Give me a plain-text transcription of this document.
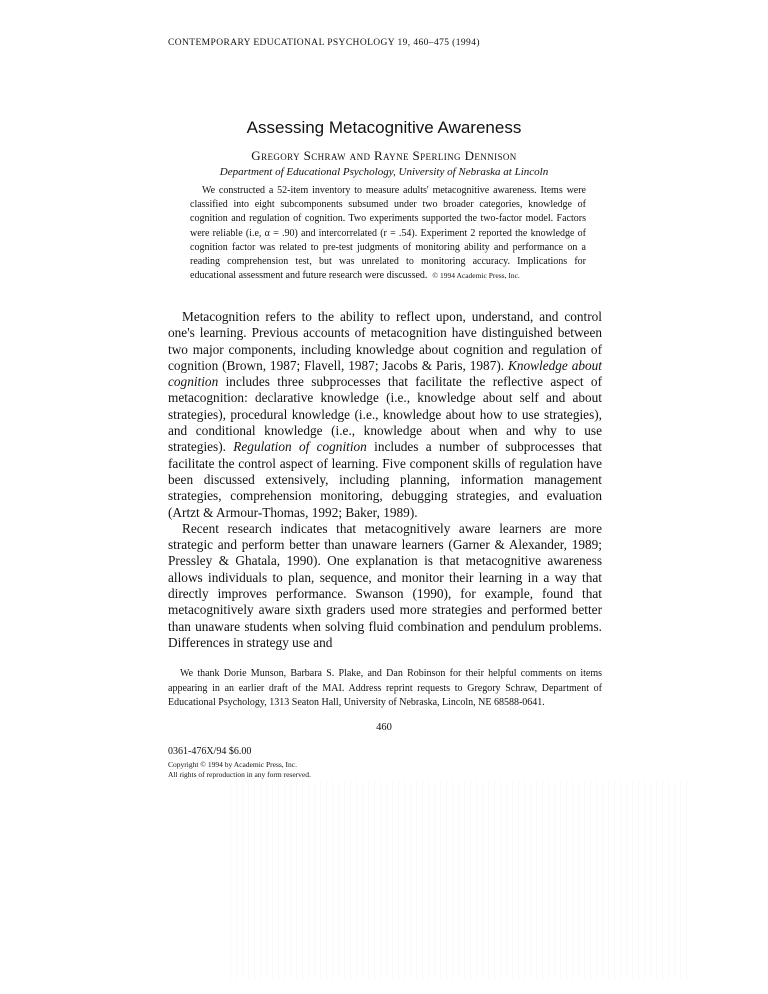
CONTEMPORARY EDUCATIONAL PSYCHOLOGY 19, 460–475 (1994)
Assessing Metacognitive Awareness
Gregory Schraw and Rayne Sperling Dennison
Department of Educational Psychology, University of Nebraska at Lincoln

We constructed a 52-item inventory to measure adults' metacognitive awareness. Items were classified into eight subcomponents subsumed under two broader categories, knowledge of cognition and regulation of cognition. Two experiments supported the two-factor model. Factors were reliable (i.e, α = .90) and intercorrelated (r = .54). Experiment 2 reported the knowledge of cognition factor was related to pre-test judgments of monitoring ability and performance on a reading comprehension test, but was unrelated to monitoring accuracy. Implications for educational assessment and future research were discussed. © 1994 Academic Press, Inc.

Metacognition refers to the ability to reflect upon, understand, and control one's learning. Previous accounts of metacognition have distinguished between two major components, including knowledge about cognition and regulation of cognition (Brown, 1987; Flavell, 1987; Jacobs & Paris, 1987). Knowledge about cognition includes three subprocesses that facilitate the reflective aspect of metacognition: declarative knowledge (i.e., knowledge about self and about strategies), procedural knowledge (i.e., knowledge about how to use strategies), and conditional knowledge (i.e., knowledge about when and why to use strategies). Regulation of cognition includes a number of subprocesses that facilitate the control aspect of learning. Five component skills of regulation have been discussed extensively, including planning, information management strategies, comprehension monitoring, debugging strategies, and evaluation (Artzt & Armour-Thomas, 1992; Baker, 1989).

Recent research indicates that metacognitively aware learners are more strategic and perform better than unaware learners (Garner & Alexander, 1989; Pressley & Ghatala, 1990). One explanation is that metacognitive awareness allows individuals to plan, sequence, and monitor their learning in a way that directly improves performance. Swanson (1990), for example, found that metacognitively aware sixth graders used more strategies and performed better than unaware students when solving fluid combination and pendulum problems. Differences in strategy use and

We thank Dorie Munson, Barbara S. Plake, and Dan Robinson for their helpful comments on items appearing in an earlier draft of the MAI. Address reprint requests to Gregory Schraw, Department of Educational Psychology, 1313 Seaton Hall, University of Nebraska, Lincoln, NE 68588-0641.

460
0361-476X/94 $6.00
Copyright © 1994 by Academic Press, Inc.
All rights of reproduction in any form reserved.
